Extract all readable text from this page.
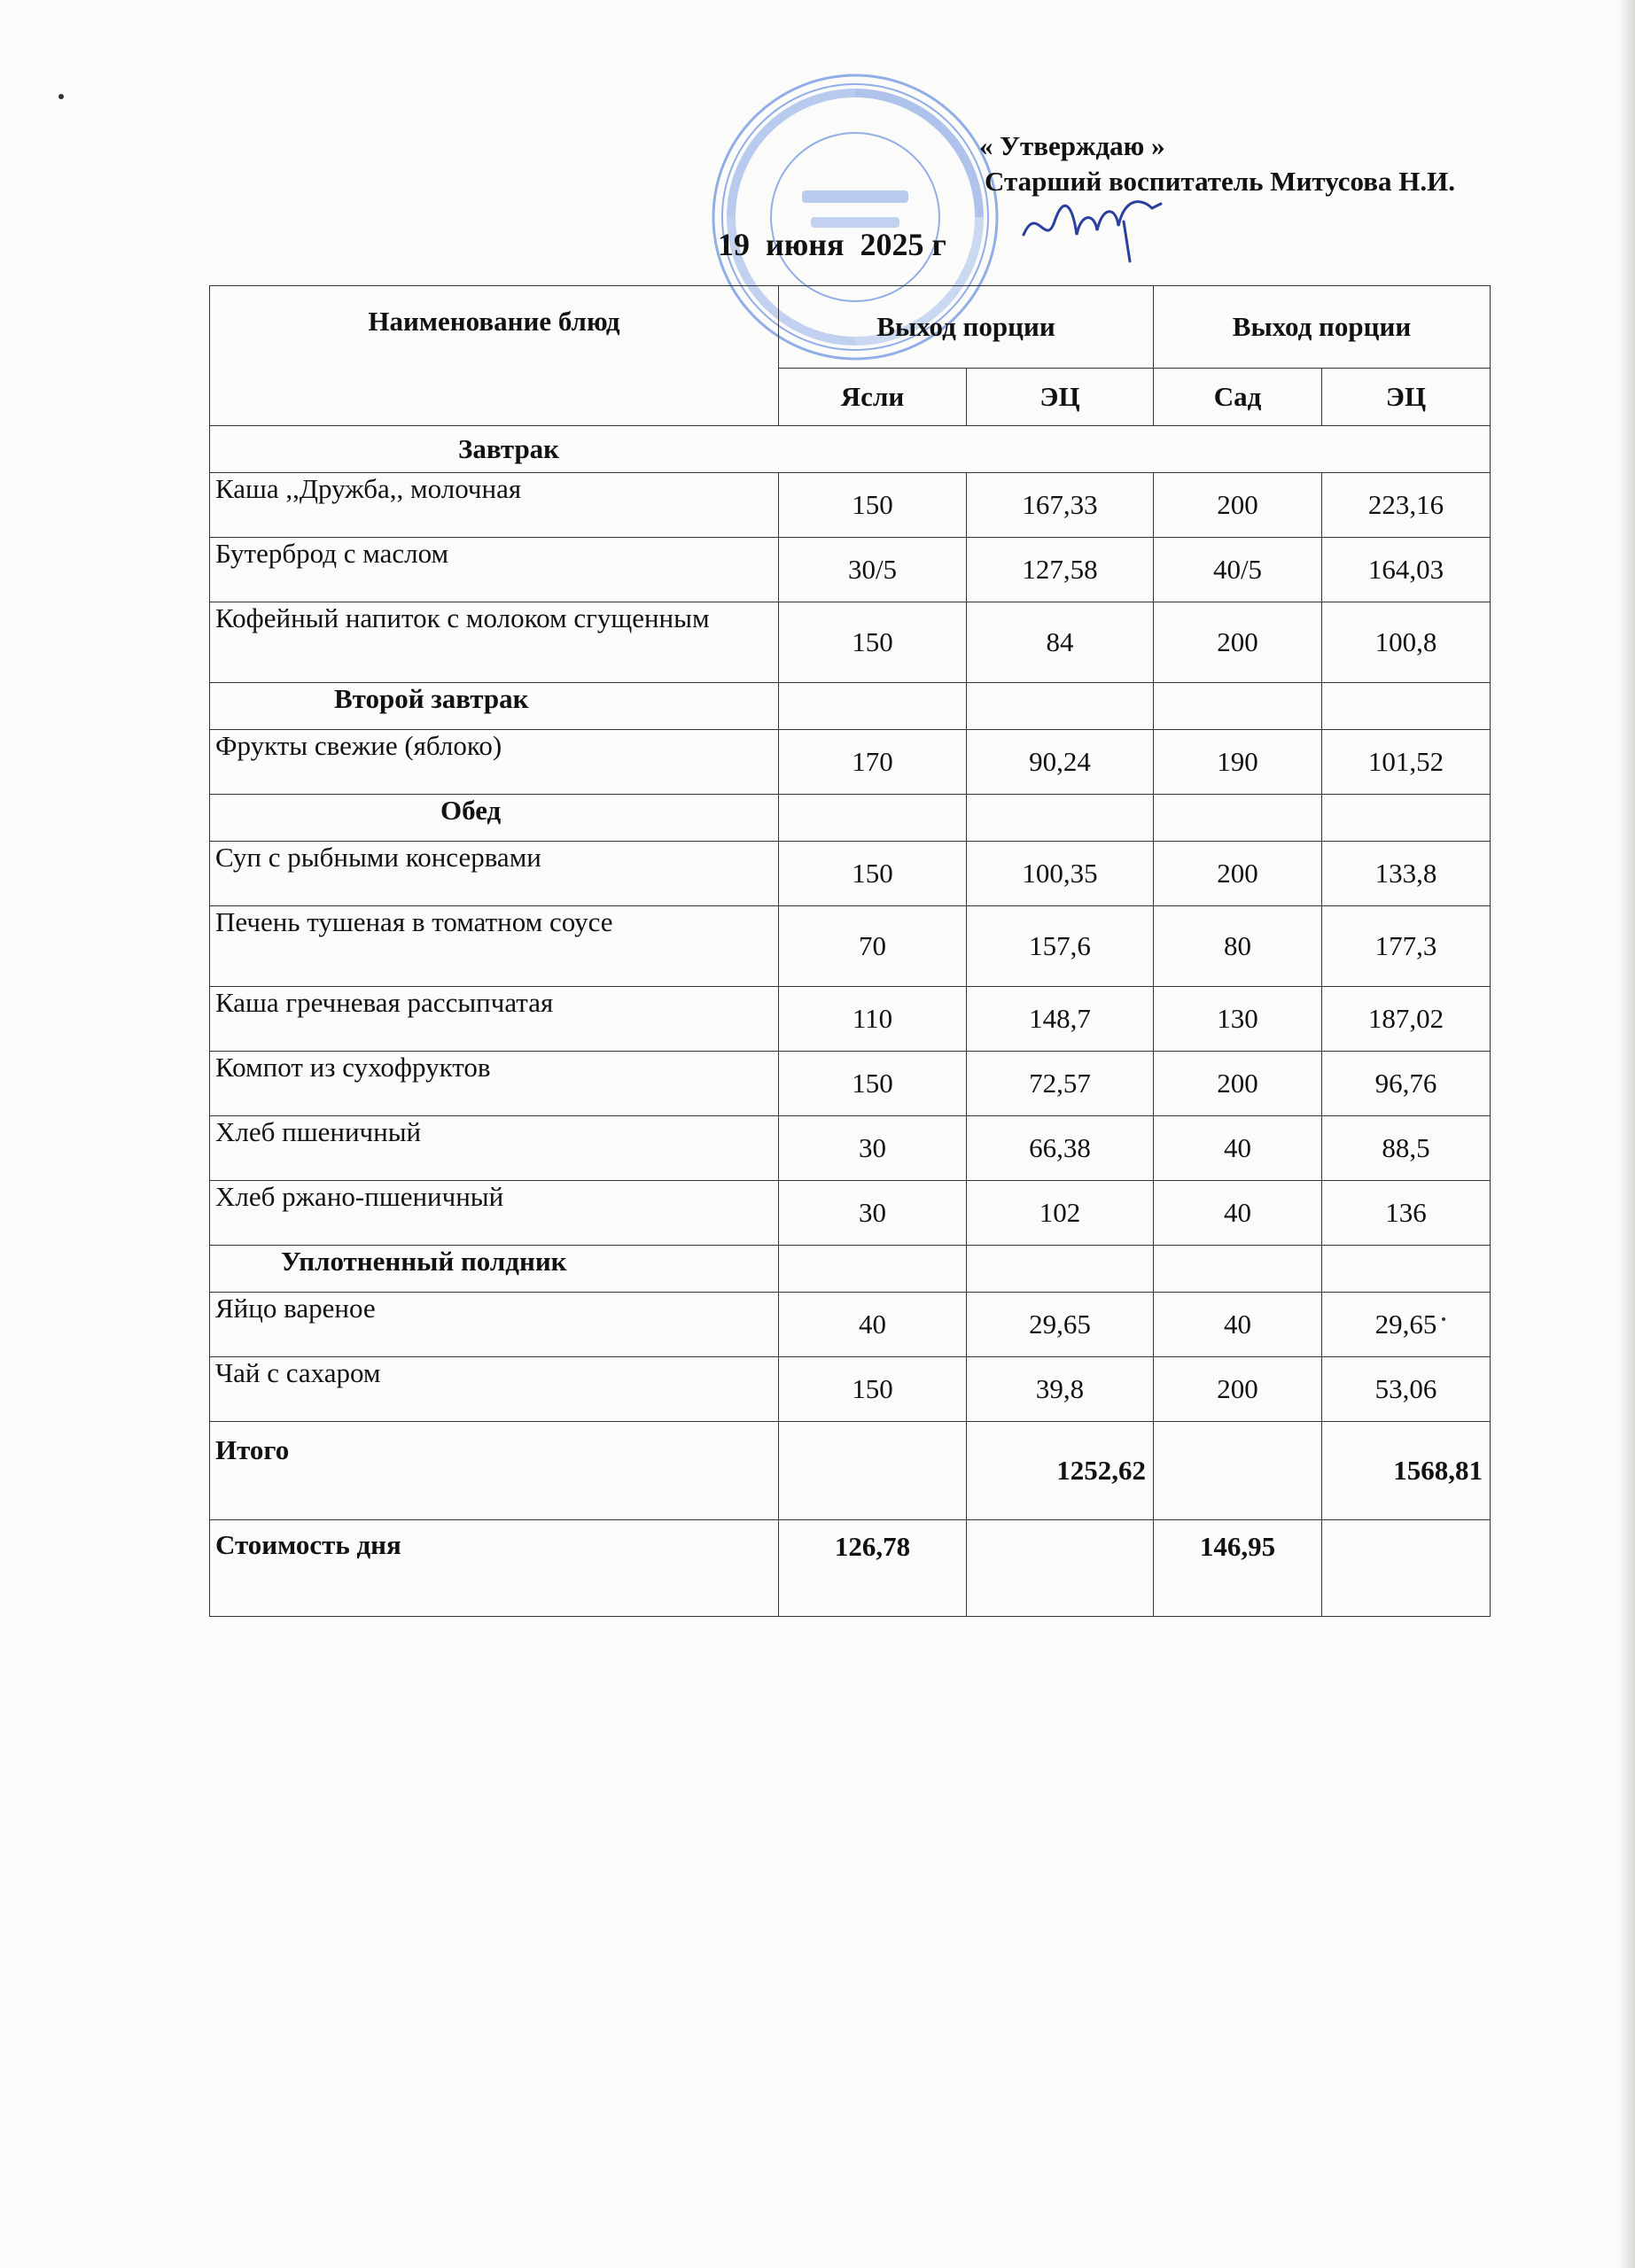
« Утверждаю »
Старший воспитатель Митусова Н.И.
19  июня  2025 г
Наименование блюд	Выход порции		Выход порции	
	Ясли	ЭЦ	Сад	ЭЦ
Завтрак				
Каша ,,Дружба,, молочная	150	167,33	200	223,16
Бутерброд с маслом	30/5	127,58	40/5	164,03
Кофейный напиток с молоком сгущенным	150	84	200	100,8
Второй завтрак				
Фрукты свежие (яблоко)	170	90,24	190	101,52
Обед				
Суп с рыбными консервами	150	100,35	200	133,8
Печень тушеная в томатном соусе	70	157,6	80	177,3
Каша гречневая рассыпчатая	110	148,7	130	187,02
Компот из сухофруктов	150	72,57	200	96,76
Хлеб пшеничный	30	66,38	40	88,5
Хлеб ржано-пшеничный	30	102	40	136
Уплотненный полдник				
Яйцо вареное	40	29,65	40	29,65
Чай с сахаром	150	39,8	200	53,06
Итого		1252,62		1568,81
Стоимость дня	126,78		146,95	
